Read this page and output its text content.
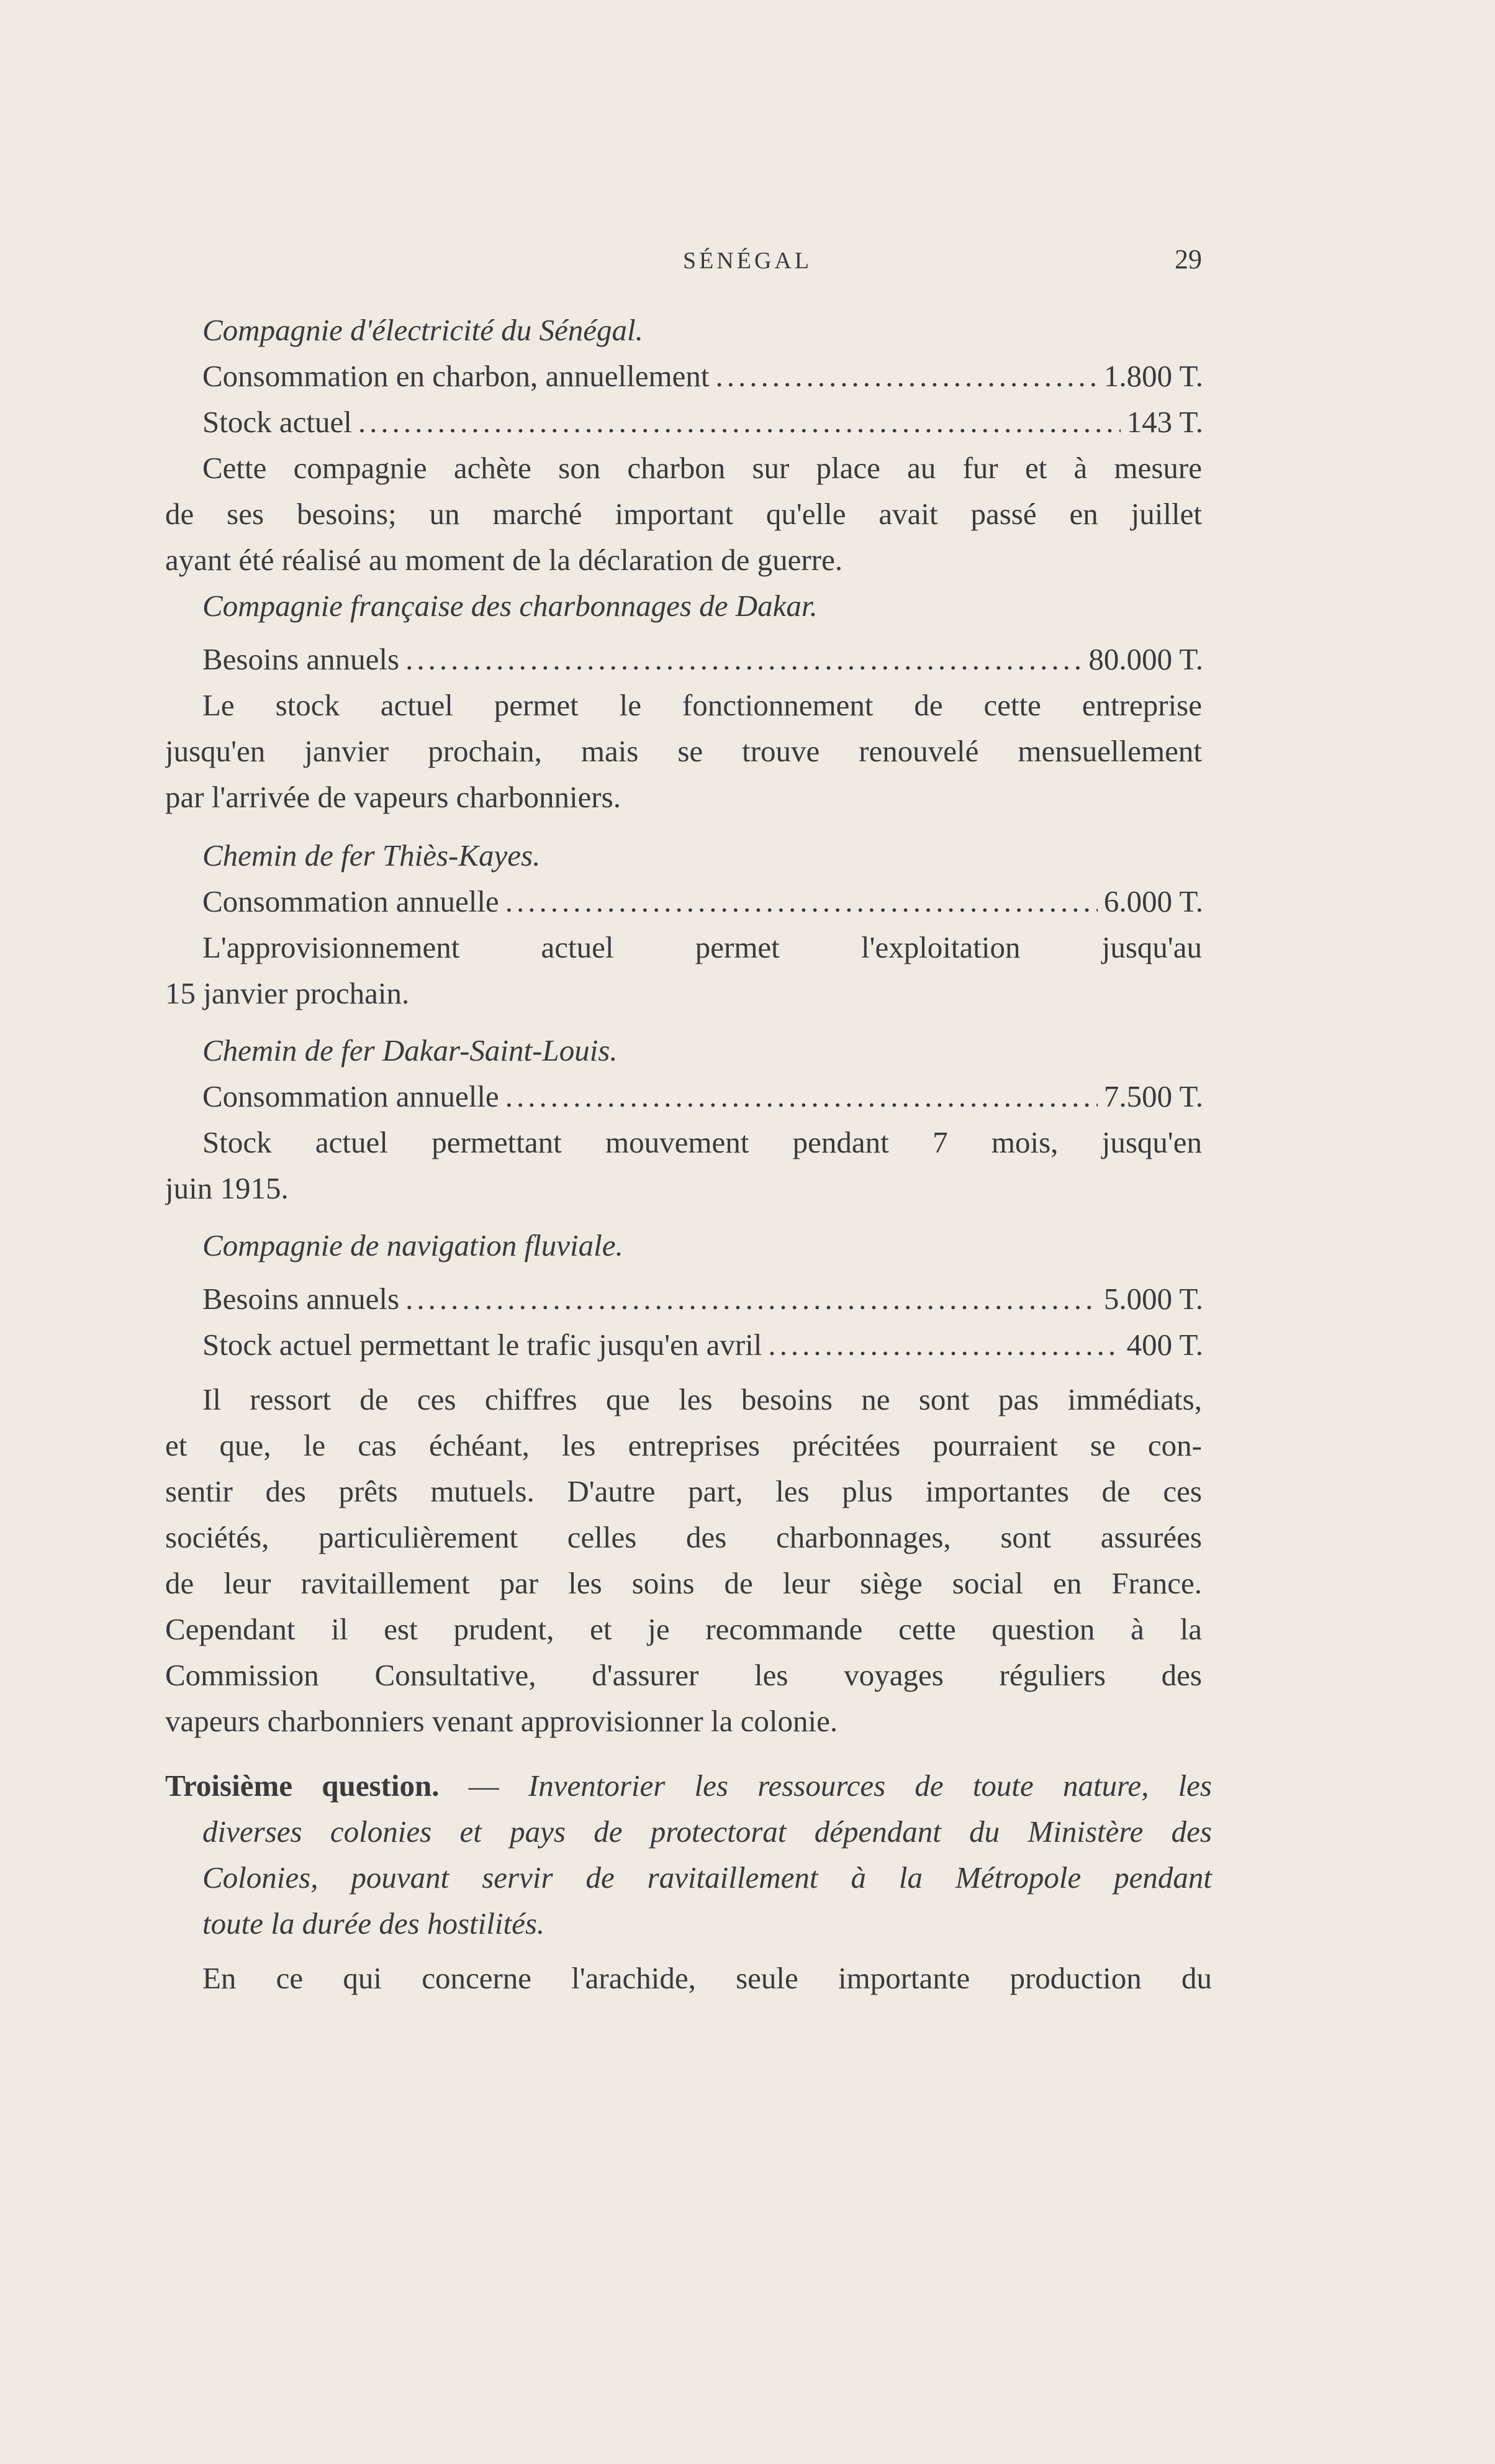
SÉNÉGAL	29
Compagnie d'électricité du Sénégal.
Consommation en charbon, annuellement .....	1.800 T.
Stock actuel .....	143 T.
Cette compagnie achète son charbon sur place au fur et à mesure
de ses besoins; un marché important qu'elle avait passé en juillet
ayant été réalisé au moment de la déclaration de guerre.
Compagnie française des charbonnages de Dakar.
Besoins annuels .....	80.000 T.
Le stock actuel permet le fonctionnement de cette entreprise
jusqu'en janvier prochain, mais se trouve renouvelé mensuellement
par l'arrivée de vapeurs charbonniers.
Chemin de fer Thiès-Kayes.
Consommation annuelle .....	6.000 T.
L'approvisionnement actuel permet l'exploitation jusqu'au
15 janvier prochain.
Chemin de fer Dakar-Saint-Louis.
Consommation annuelle .....	7.500 T.
Stock actuel permettant mouvement pendant 7 mois, jusqu'en
juin 1915.
Compagnie de navigation fluviale.
Besoins annuels .....	5.000 T.
Stock actuel permettant le trafic jusqu'en avril .....	400 T.
Il ressort de ces chiffres que les besoins ne sont pas immédiats,
et que, le cas échéant, les entreprises précitées pourraient se con-
sentir des prêts mutuels. D'autre part, les plus importantes de ces
sociétés, particulièrement celles des charbonnages, sont assurées
de leur ravitaillement par les soins de leur siège social en France.
Cependant il est prudent, et je recommande cette question à la
Commission Consultative, d'assurer les voyages réguliers des
vapeurs charbonniers venant approvisionner la colonie.
Troisième question. — Inventorier les ressources de toute nature, les
diverses colonies et pays de protectorat dépendant du Ministère des
Colonies, pouvant servir de ravitaillement à la Métropole pendant
toute la durée des hostilités.
En ce qui concerne l'arachide, seule importante production du
